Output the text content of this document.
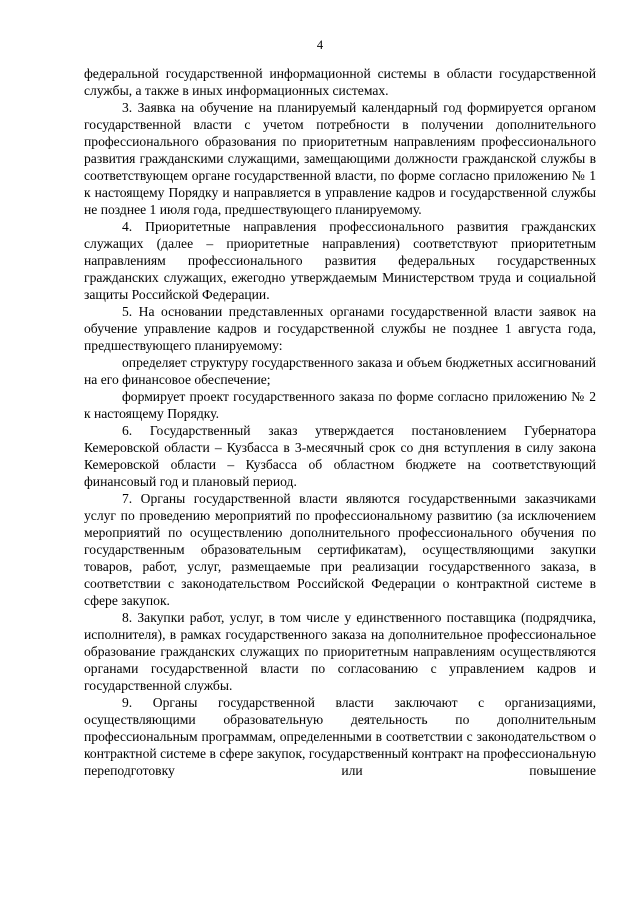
4

федеральной государственной информационной системы в области государственной службы, а также в иных информационных системах.

3. Заявка на обучение на планируемый календарный год формируется органом государственной власти с учетом потребности в получении дополнительного профессионального образования по приоритетным направлениям профессионального развития гражданскими служащими, замещающими должности гражданской службы в соответствующем органе государственной власти, по форме согласно приложению № 1 к настоящему Порядку и направляется в управление кадров и государственной службы не позднее 1 июля года, предшествующего планируемому.

4. Приоритетные направления профессионального развития гражданских служащих (далее – приоритетные направления) соответствуют приоритетным направлениям профессионального развития федеральных государственных гражданских служащих, ежегодно утверждаемым Министерством труда и социальной защиты Российской Федерации.

5. На основании представленных органами государственной власти заявок на обучение управление кадров и государственной службы не позднее 1 августа года, предшествующего планируемому:

определяет структуру государственного заказа и объем бюджетных ассигнований на его финансовое обеспечение;

формирует проект государственного заказа по форме согласно приложению № 2 к настоящему Порядку.

6. Государственный заказ утверждается постановлением Губернатора Кемеровской области – Кузбасса в 3-месячный срок со дня вступления в силу закона Кемеровской области – Кузбасса об областном бюджете на соответствующий финансовый год и плановый период.

7. Органы государственной власти являются государственными заказчиками услуг по проведению мероприятий по профессиональному развитию (за исключением мероприятий по осуществлению дополнительного профессионального обучения по государственным образовательным сертификатам), осуществляющими закупки товаров, работ, услуг, размещаемые при реализации государственного заказа, в соответствии с законодательством Российской Федерации о контрактной системе в сфере закупок.

8. Закупки работ, услуг, в том числе у единственного поставщика (подрядчика, исполнителя), в рамках государственного заказа на дополнительное профессиональное образование гражданских служащих по приоритетным направлениям осуществляются органами государственной власти по согласованию с управлением кадров и государственной службы.

9. Органы государственной власти заключают с организациями, осуществляющими образовательную деятельность по дополнительным профессиональным программам, определенными в соответствии с законодательством о контрактной системе в сфере закупок, государственный контракт на профессиональную переподготовку или повышение
